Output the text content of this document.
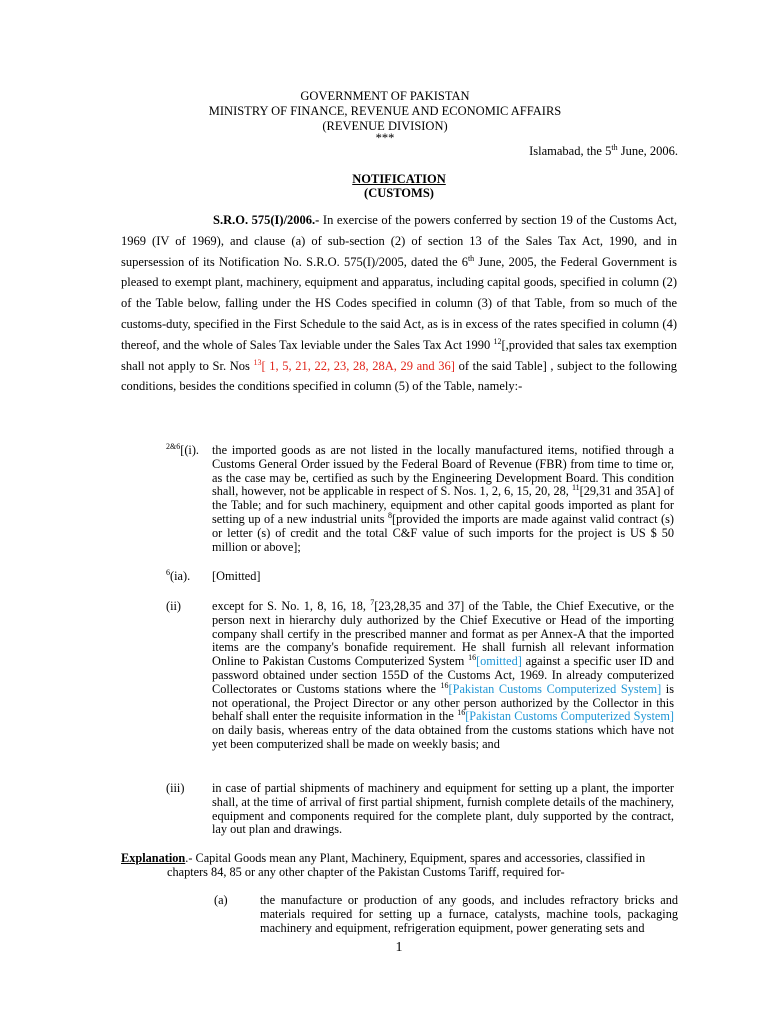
GOVERNMENT OF PAKISTAN
MINISTRY OF FINANCE, REVENUE AND ECONOMIC AFFAIRS
(REVENUE DIVISION)
***
Islamabad, the 5th June, 2006.
NOTIFICATION
(CUSTOMS)
S.R.O. 575(I)/2006.- In exercise of the powers conferred by section 19 of the Customs Act, 1969 (IV of 1969), and clause (a) of sub-section (2) of section 13 of the Sales Tax Act, 1990, and in supersession of its Notification No. S.R.O. 575(I)/2005, dated the 6th June, 2005, the Federal Government is pleased to exempt plant, machinery, equipment and apparatus, including capital goods, specified in column (2) of the Table below, falling under the HS Codes specified in column (3) of that Table, from so much of the customs-duty, specified in the First Schedule to the said Act, as is in excess of the rates specified in column (4) thereof, and the whole of Sales Tax leviable under the Sales Tax Act 1990 $^{12}$[,provided that sales tax exemption shall not apply to Sr. Nos $^{13}$[ 1, 5, 21, 22, 23, 28, 28A, 29 and 36] of the said Table] , subject to the following conditions, besides the conditions specified in column (5) of the Table, namely:-
$^{2\&6}$[(i). the imported goods as are not listed in the locally manufactured items, notified through a Customs General Order issued by the Federal Board of Revenue (FBR) from time to time or, as the case may be, certified as such by the Engineering Development Board. This condition shall, however, not be applicable in respect of S. Nos. 1, 2, 6, 15, 20, 28, $^{11}$[29,31 and 35A] of the Table; and for such machinery, equipment and other capital goods imported as plant for setting up of a new industrial units $^8$[provided the imports are made against valid contract (s) or letter (s) of credit and the total C&F value of such imports for the project is US $ 50 million or above];
$^6$(ia). [Omitted]
(ii)	except for S. No. 1, 8, 16, 18, $^7$[23,28,35 and 37] of the Table, the Chief Executive, or the person next in hierarchy duly authorized by the Chief Executive or Head of the importing company shall certify in the prescribed manner and format as per Annex-A that the imported items are the company's bonafide requirement. He shall furnish all relevant information Online to Pakistan Customs Computerized System $^{16}$[omitted] against a specific user ID and password obtained under section 155D of the Customs Act, 1969. In already computerized Collectorates or Customs stations where the $^{16}$[Pakistan Customs Computerized System] is not operational, the Project Director or any other person authorized by the Collector in this behalf shall enter the requisite information in the $^{16}$[Pakistan Customs Computerized System] on daily basis, whereas entry of the data obtained from the customs stations which have not yet been computerized shall be made on weekly basis; and
(iii) in case of partial shipments of machinery and equipment for setting up a plant, the importer shall, at the time of arrival of first partial shipment, furnish complete details of the machinery, equipment and components required for the complete plant, duly supported by the contract, lay out plan and drawings.
Explanation.- Capital Goods mean any Plant, Machinery, Equipment, spares and accessories, classified in
chapters 84, 85 or any other chapter of the Pakistan Customs Tariff, required for-
(a)	the manufacture or production of any goods, and includes refractory bricks and materials required for setting up a furnace, catalysts, machine tools, packaging machinery and equipment, refrigeration equipment, power generating sets and
1
